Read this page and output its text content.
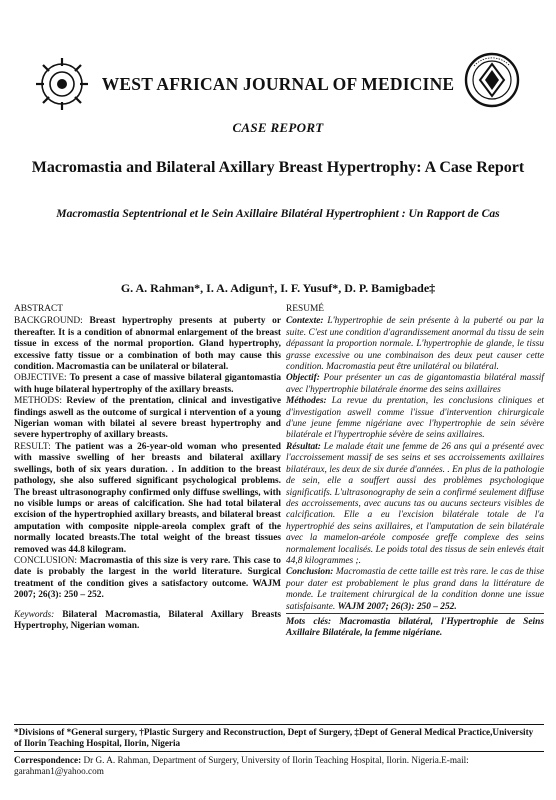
WEST AFRICAN JOURNAL OF MEDICINE
CASE REPORT
Macromastia and Bilateral Axillary Breast Hypertrophy: A Case Report
Macromastia Septentrional et le Sein Axillaire Bilatéral Hypertrophient : Un Rapport de Cas
G. A. Rahman*, I. A. Adigun†, I. F. Yusuf*, D. P. Bamigbade‡
ABSTRACT

BACKGROUND: Breast hypertrophy presents at puberty or thereafter. It is a condition of abnormal enlargement of the breast tissue in excess of the normal proportion. Gland hypertrophy, excessive fatty tissue or a combination of both may cause this condition. Macromastia can be unilateral or bilateral.

OBJECTIVE: To present a case of massive bilateral gigantomastia with huge bilateral hypertrophy of the axillary breasts.

METHODS: Review of the prentation, clinical and investigative findings aswell as the outcome of surgical i ntervention of a young Nigerian woman with bilatei al severe breast hypertrophy and severe hypertrophy of axillary breasts.

RESULT: The patient was a 26-year-old woman who presented with massive swelling of her breasts and bilateral axillary swellings, both of six years duration. . In addition to the breast pathology, she also suffered significant psychological problems. The breast ultrasonography confirmed only diffuse swellings, with no visible lumps or areas of calcification. She had total bilateral excision of the hypertrophied axillary breasts, and bilateral breast amputation with composite nipple-areola complex graft of the normally located breasts.The total weight of the breast tissues removed was 44.8 kilogram.

CONCLUSION: Macromastia of this size is very rare. This case to date is probably the largest in the world literature. Surgical treatment of the condition gives a satisfactory outcome. WAJM 2007; 26(3): 250 – 252.

Keywords: Bilateral Macromastia, Bilateral Axillary Breasts Hypertrophy, Nigerian woman.

RESUMÉ

Contexte: L'hypertrophie de sein présente à la puberté ou par la suite. C'est une condition d'agrandissement anormal du tissu de sein dépassant la proportion normale. L'hypertrophie de glande, le tissu grasse excessive ou une combinaison des deux peut causer cette condition. Macromastia peut être unilatéral ou bilatéral.

Objectif: Pour présenter un cas de gigantomastia bilatéral massif avec l'hypertrophie bilatérale énorme des seins axillaires

Méthodes: La revue du prentation, les conclusions cliniques et d'investigation aswell comme l'issue d'intervention chirurgicale d'une jeune femme nigériane avec l'hypertrophie de sein sévère bilatérale et l'hypertrophie sévère de seins axillaires.

Résultat: Le malade était une femme de 26 ans qui a présenté avec l'accroissement massif de ses seins et ses accroissements axillaires bilatéraux, les deux de six durée d'années. . En plus de la pathologie de sein, elle a souffert aussi des problèmes psychologique significatifs. L'ultrasonography de sein a confirmé seulement diffuse des accroissements, avec aucuns tas ou aucuns secteurs visibles de calcification. Elle a eu l'excision bilatérale totale de l'a hypertrophié des seins axillaires, et l'amputation de sein bilatérale avec la mamelon-aréole composée greffe complexe des seins normalement localisés. Le poids total des tissus de sein enlevés était 44,8 kilogrammes ;.

Conclusion: Macromastia de cette taille est très rare. le cas de thise pour dater est probablement le plus grand dans la littérature de monde. Le traitement chirurgical de la condition donne une issue satisfaisante. WAJM 2007; 26(3): 250 – 252.

Mots clés: Macromastia bilatéral, l'Hypertrophie de Seins Axillaire Bilatérale, la femme nigériane.

*Divisions of *General surgery, †Plastic Surgery and Reconstruction, Dept of Surgery, ‡Dept of General Medical Practice,University of Ilorin Teaching Hospital, Ilorin, Nigeria
Correspondence: Dr G. A. Rahman, Department of Surgery, University of Ilorin Teaching Hospital, Ilorin. Nigeria.E-mail: garahman1@yahoo.com
